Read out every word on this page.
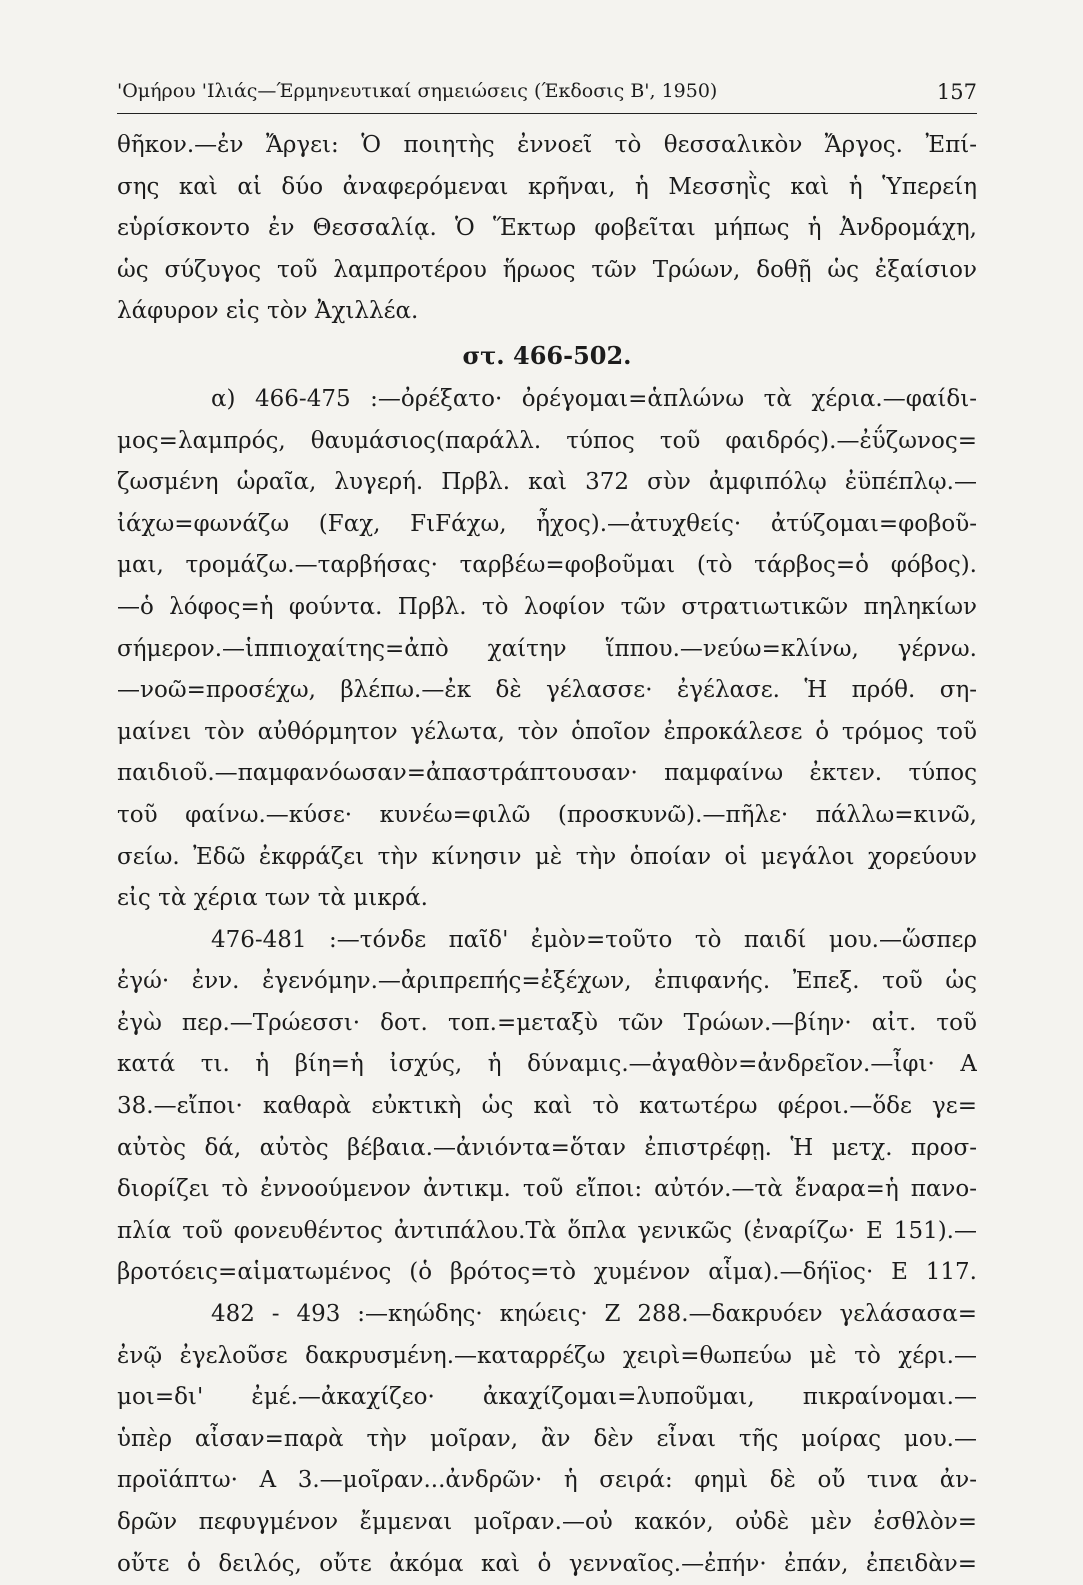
'Ομήρου 'Ιλιάς—Έρμηνευτικαί σημειώσεις (Έκδοσις Β', 1950)	157
θῆκον.—ἐν Ἄργει: Ὁ ποιητὴς ἐννοεῖ τὸ θεσσαλικὸν Ἄργος. Ἐπί-
σης καὶ αἱ δύο ἀναφερόμεναι κρῆναι, ἡ Μεσσηῒς καὶ ἡ Ὑπερείη
εὑρίσκοντο ἐν Θεσσαλίᾳ. Ὁ Ἕκτωρ φοβεῖται μήπως ἡ Ἀνδρομάχη,
ὡς σύζυγος τοῦ λαμπροτέρου ἥρωος τῶν Τρώων, δοθῇ ὡς ἐξαίσιον
λάφυρον εἰς τὸν Ἀχιλλέα.
στ. 466-502.
α) 466-475 :—ὀρέξατο· ὀρέγομαι=ἁπλώνω τὰ χέρια.—φαίδι-
μος=λαμπρός, θαυμάσιος(παράλλ. τύπος τοῦ φαιδρός).—ἐΰζωνος=
ζωσμένη ὡραῖα, λυγερή. Πρβλ. καὶ 372 σὺν ἀμφιπόλῳ ἐϋπέπλῳ.—
ἰάχω=φωνάζω (Fαχ, FιFάχω, ἦχος).—ἀτυχθείς· ἀτύζομαι=φοβοῦ-
μαι, τρομάζω.—ταρβήσας· ταρβέω=φοβοῦμαι (τὸ τάρβος=ὁ φόβος).
—ὁ λόφος=ἡ φούντα. Πρβλ. τὸ λοφίον τῶν στρατιωτικῶν πηληκίων
σήμερον.—ἱππιοχαίτης=ἀπὸ χαίτην ἵππου.—νεύω=κλίνω, γέρνω.
—νοῶ=προσέχω, βλέπω.—ἐκ δὲ γέλασσε· ἐγέλασε. Ἡ πρόθ. ση-
μαίνει τὸν αὐθόρμητον γέλωτα, τὸν ὁποῖον ἐπροκάλεσε ὁ τρόμος τοῦ
παιδιοῦ.—παμφανόωσαν=ἀπαστράπτουσαν· παμφαίνω ἐκτεν. τύπος
τοῦ φαίνω.—κύσε· κυνέω=φιλῶ (προσκυνῶ).—πῆλε· πάλλω=κινῶ,
σείω. Ἐδῶ ἐκφράζει τὴν κίνησιν μὲ τὴν ὁποίαν οἱ μεγάλοι χορεύουν
εἰς τὰ χέρια των τὰ μικρά.
476-481 :—τόνδε παῖδ' ἐμὸν=τοῦτο τὸ παιδί μου.—ὥσπερ
ἐγώ· ἐνν. ἐγενόμην.—ἀριπρεπής=ἐξέχων, ἐπιφανής. Ἐπεξ. τοῦ ὡς
ἐγὼ περ.—Τρώεσσι· δοτ. τοπ.=μεταξὺ τῶν Τρώων.—βίην· αἰτ. τοῦ
κατά τι. ἡ βίη=ἡ ἰσχύς, ἡ δύναμις.—ἀγαθὸν=ἀνδρεῖον.—ἶφι· Α
38.—εἴποι· καθαρὰ εὐκτικὴ ὡς καὶ τὸ κατωτέρω φέροι.—ὅδε γε=
αὐτὸς δά, αὐτὸς βέβαια.—ἀνιόντα=ὅταν ἐπιστρέφῃ. Ἡ μετχ. προσ-
διορίζει τὸ ἐννοούμενον ἀντικμ. τοῦ εἴποι: αὐτόν.—τὰ ἔναρα=ἡ πανο-
πλία τοῦ φονευθέντος ἀντιπάλου.Τὰ ὅπλα γενικῶς (ἐναρίζω· Ε 151).—
βροτόεις=αἱματωμένος (ὁ βρότος=τὸ χυμένον αἷμα).—δήϊος· Ε 117.
482 - 493 :—κηώδης· κηώεις· Ζ 288.—δακρυόεν γελάσασα=
ἐνῷ ἐγελοῦσε δακρυσμένη.—καταρρέζω χειρὶ=θωπεύω μὲ τὸ χέρι.—
μοι=δι' ἐμέ.—ἀκαχίζεο· ἀκαχίζομαι=λυποῦμαι, πικραίνομαι.—
ὑπὲρ αἶσαν=παρὰ τὴν μοῖραν, ἂν δὲν εἶναι τῆς μοίρας μου.—
προϊάπτω· Α 3.—μοῖραν...ἀνδρῶν· ἡ σειρά: φημὶ δὲ οὔ τινα ἀν-
δρῶν πεφυγμένον ἔμμεναι μοῖραν.—οὐ κακόν, οὐδὲ μὲν ἐσθλὸν=
οὔτε ὁ δειλός, οὔτε ἀκόμα καὶ ὁ γενναῖος.—ἐπήν· ἐπάν, ἐπειδὰν=
